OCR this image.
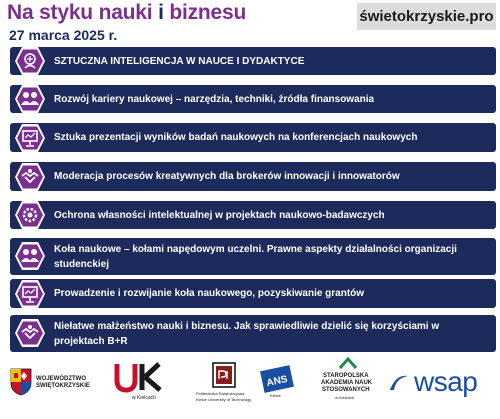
Na styku nauki i biznesu
27 marca 2025 r.
świetokrzyskie.pro
SZTUCZNA INTELIGENCJA W NAUCE I DYDAKTYCE
Rozwój kariery naukowej – narzędzia, techniki, źródła finansowania
Sztuka prezentacji wyników badań naukowych na konferencjach naukowych
Moderacja procesów kreatywnych dla brokerów innowacji i innowatorów
Ochrona własności intelektualnej w projektach naukowo-badawczych
Koła naukowe – kołami napędowym uczelni. Prawne aspekty działalności organizacji studenckiej
Prowadzenie i rozwijanie koła naukowego, pozyskiwanie grantów
Niełatwe małżeństwo nauki i biznesu. Jak sprawiedliwie dzielić się korzyściami w projektach B+R
WOJEWÓDZTWO
ŚWIĘTOKRZYSKIE
w Kielcach
Politechnika Świętokrzyska
Kielce University of Technology
ANS
Kielce
STAROPOLSKA
AKADEMIA NAUK
STOSOWANYCH
w Kielcach
wsap
